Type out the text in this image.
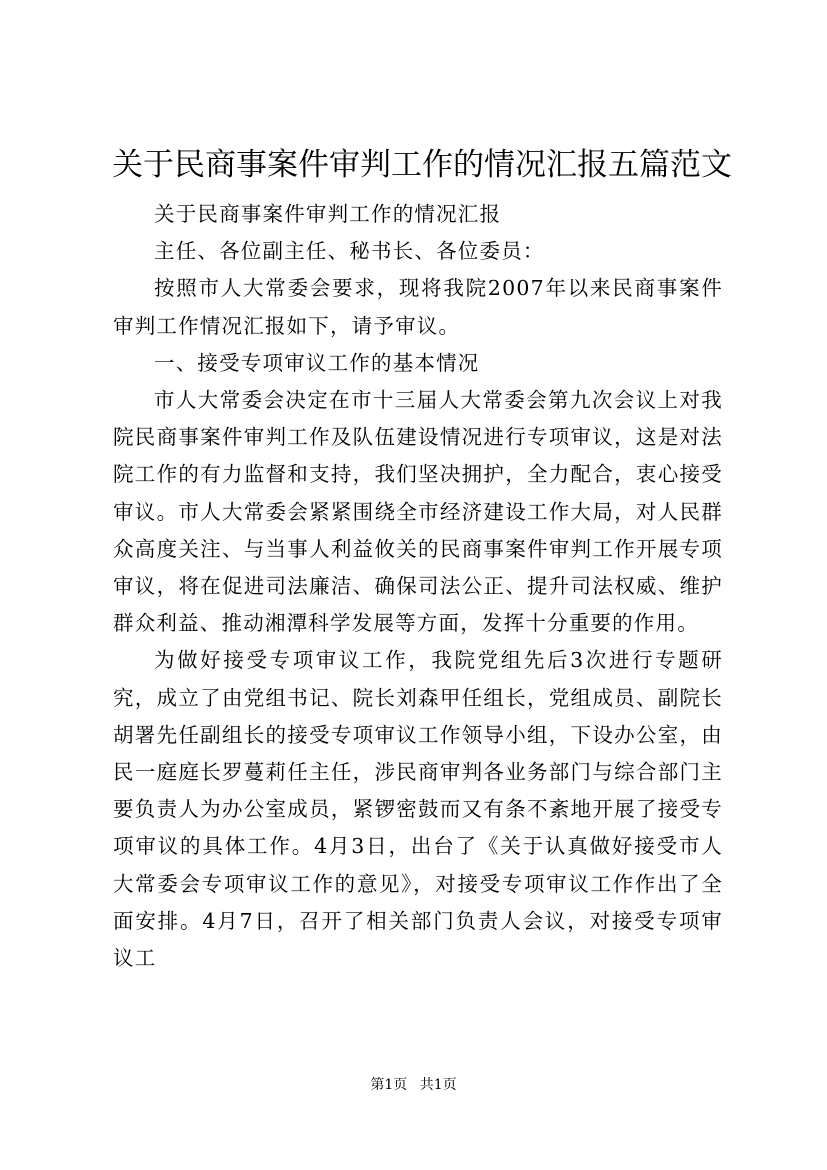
关于民商事案件审判工作的情况汇报五篇范文

关于民商事案件审判工作的情况汇报

主任、各位副主任、秘书长、各位委员：

按照市人大常委会要求，现将我院2007年以来民商事案件审判工作情况汇报如下，请予审议。

一、接受专项审议工作的基本情况

市人大常委会决定在市十三届人大常委会第九次会议上对我院民商事案件审判工作及队伍建设情况进行专项审议，这是对法院工作的有力监督和支持，我们坚决拥护，全力配合，衷心接受审议。市人大常委会紧紧围绕全市经济建设工作大局，对人民群众高度关注、与当事人利益攸关的民商事案件审判工作开展专项审议，将在促进司法廉洁、确保司法公正、提升司法权威、维护群众利益、推动湘潭科学发展等方面，发挥十分重要的作用。

为做好接受专项审议工作，我院党组先后3次进行专题研究，成立了由党组书记、院长刘森甲任组长，党组成员、副院长胡署先任副组长的接受专项审议工作领导小组，下设办公室，由民一庭庭长罗蔓莉任主任，涉民商审判各业务部门与综合部门主要负责人为办公室成员，紧锣密鼓而又有条不紊地开展了接受专项审议的具体工作。4月3日，出台了《关于认真做好接受市人大常委会专项审议工作的意见》，对接受专项审议工作作出了全面安排。4月7日，召开了相关部门负责人会议，对接受专项审议工

第1页 共1页
